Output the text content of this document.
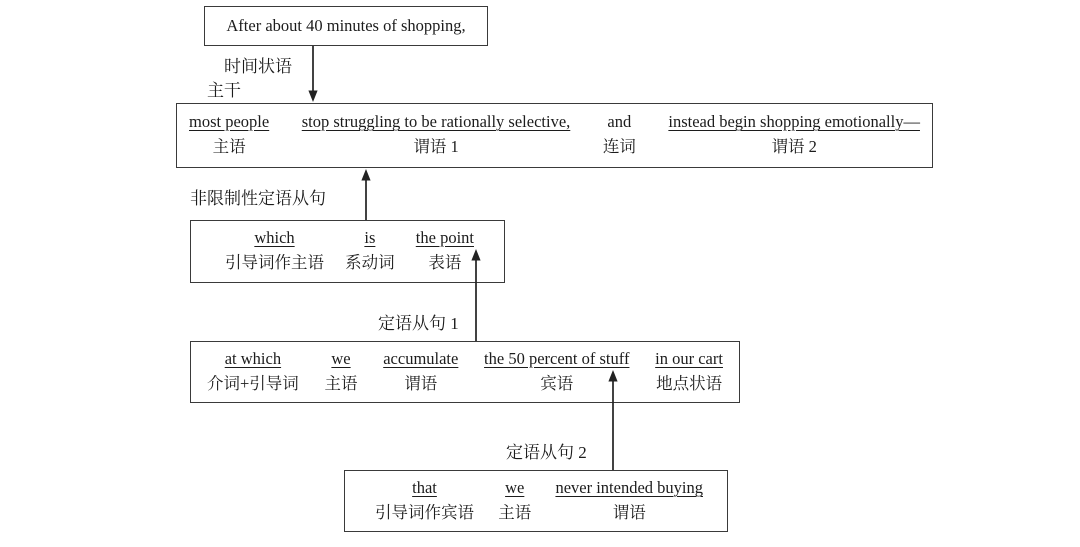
After about 40 minutes of shopping,
时间状语
主干
most people
主语
stop struggling to be rationally selective,
谓语 1
and
连词
instead begin shopping emotionally—
谓语 2
非限制性定语从句
which
引导词作主语
is
系动词
the point
表语
定语从句 1
at which
介词+引导词
we
主语
accumulate
谓语
the 50 percent of stuff
宾语
in our cart
地点状语
定语从句 2
that
引导词作宾语
we
主语
never intended buying
谓语
